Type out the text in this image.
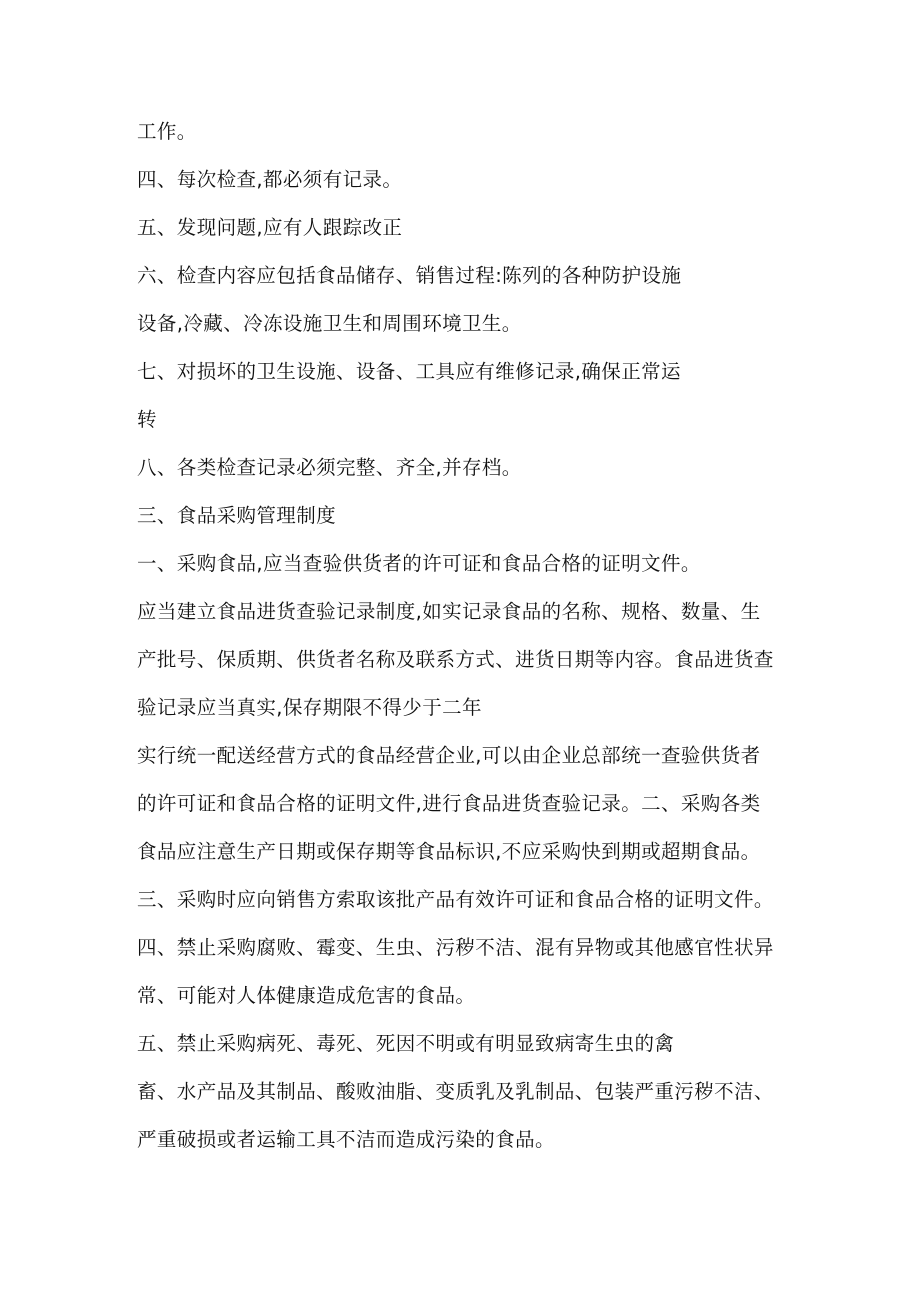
工作。
四、每次检查,都必须有记录。
五、发现问题,应有人跟踪改正
六、检查内容应包括食品储存、销售过程:陈列的各种防护设施
设备,冷藏、冷冻设施卫生和周围环境卫生。
七、对损坏的卫生设施、设备、工具应有维修记录,确保正常运
转
八、各类检查记录必须完整、齐全,并存档。
三、食品采购管理制度
一、采购食品,应当查验供货者的许可证和食品合格的证明文件。
应当建立食品进货查验记录制度,如实记录食品的名称、规格、数量、生
产批号、保质期、供货者名称及联系方式、进货日期等内容。食品进货查
验记录应当真实,保存期限不得少于二年
实行统一配送经营方式的食品经营企业,可以由企业总部统一查验供货者
的许可证和食品合格的证明文件,进行食品进货查验记录。二、采购各类
食品应注意生产日期或保存期等食品标识,不应采购快到期或超期食品。
三、采购时应向销售方索取该批产品有效许可证和食品合格的证明文件。
四、禁止采购腐败、霉变、生虫、污秽不洁、混有异物或其他感官性状异
常、可能对人体健康造成危害的食品。
五、禁止采购病死、毒死、死因不明或有明显致病寄生虫的禽
畜、水产品及其制品、酸败油脂、变质乳及乳制品、包装严重污秽不洁、
严重破损或者运输工具不洁而造成污染的食品。
